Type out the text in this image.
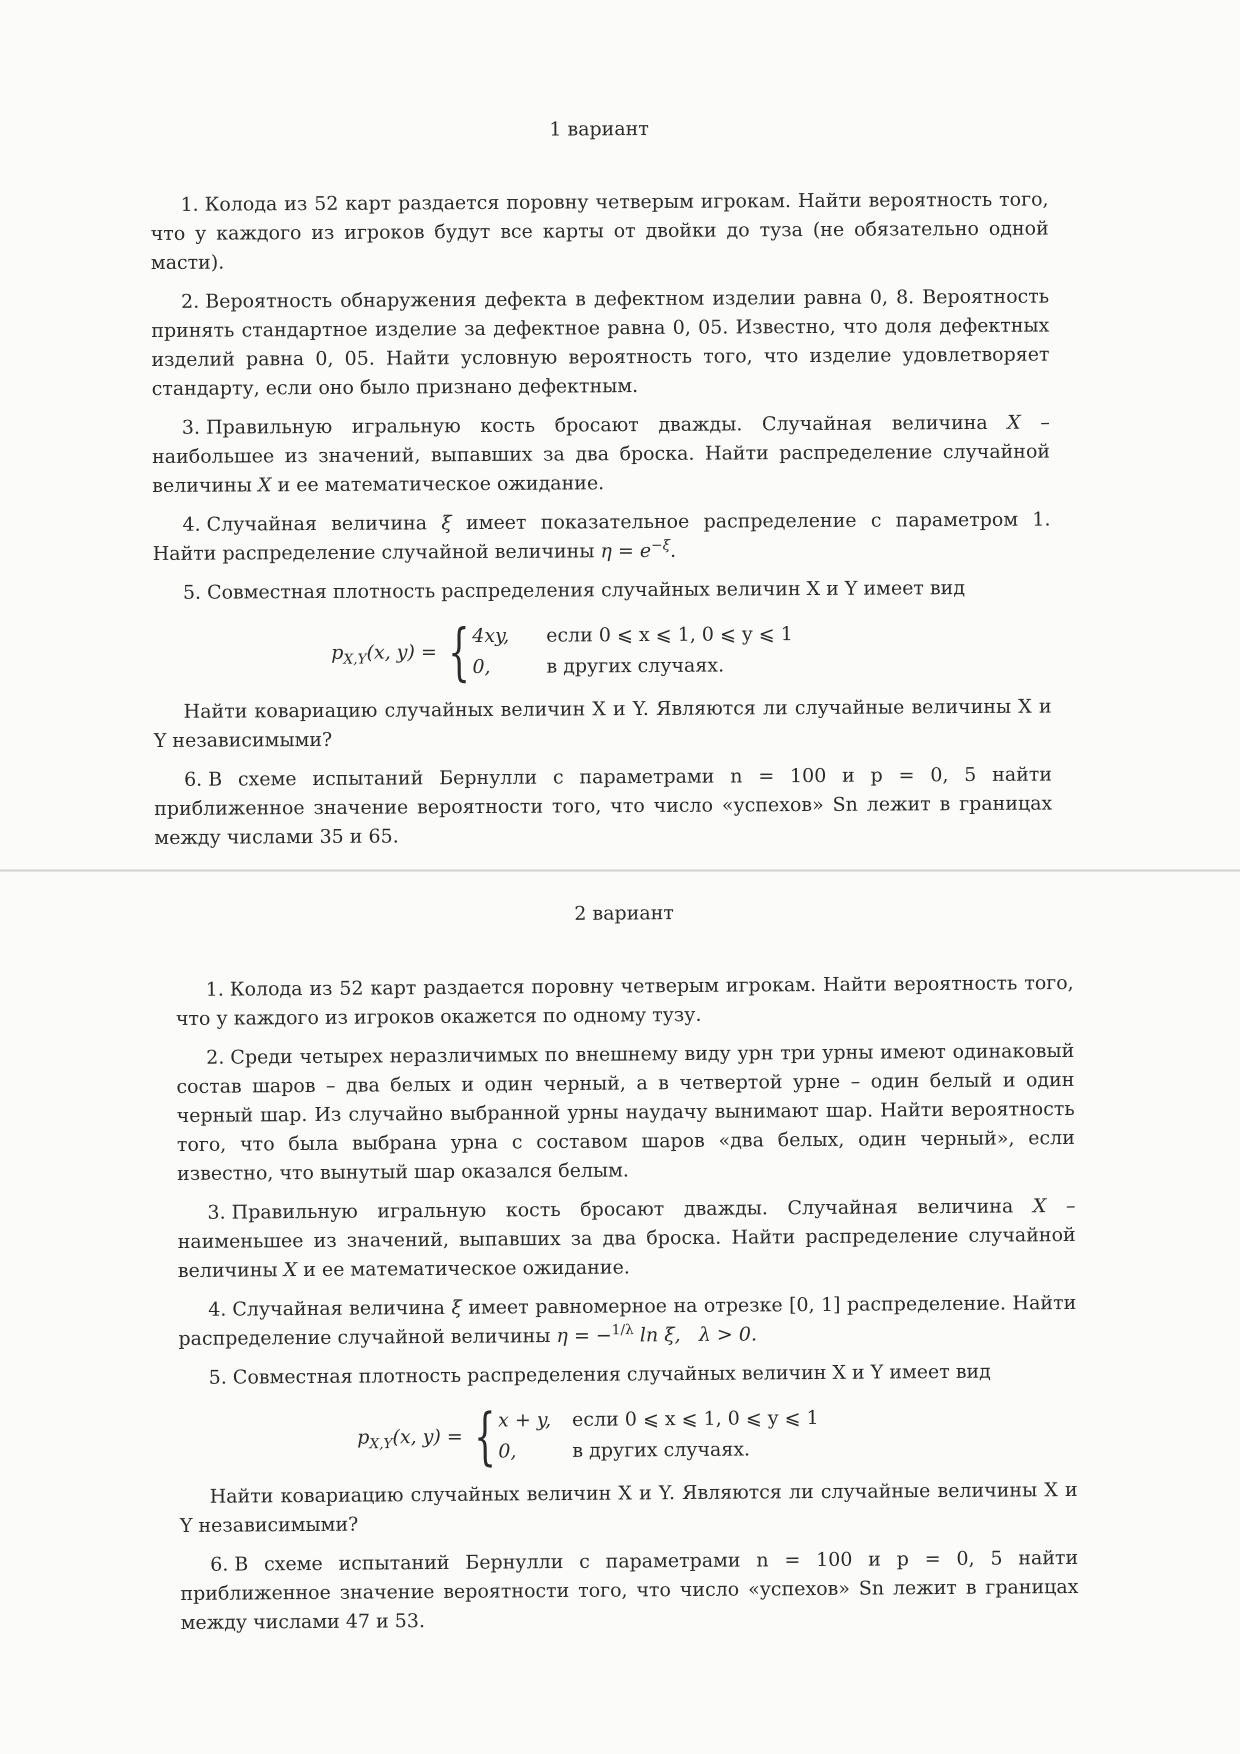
1 вариант

1. Колода из 52 карт раздается поровну четверым игрокам. Найти вероятность того, что у каждого из игроков будут все карты от двойки до туза (не обязательно одной масти).

2. Вероятность обнаружения дефекта в дефектном изделии равна 0, 8. Вероятность принять стандартное изделие за дефектное равна 0, 05. Известно, что доля дефектных изделий равна 0, 05. Найти условную вероятность того, что изделие удовлетворяет стандарту, если оно было признано дефектным.

3. Правильную игральную кость бросают дважды. Случайная величина X – наибольшее из значений, выпавших за два броска. Найти распределение случайной величины X и ее математическое ожидание.

4. Случайная величина ξ имеет показательное распределение с параметром 1. Найти распределение случайной величины $\eta = e^{-\xi}$.

5. Совместная плотность распределения случайных величин X и Y имеет вид

$p_{X,Y}(x$, y) = { 4xy,	если 0 ⩽ x ⩽ 1, 0 ⩽ y ⩽ 1
0,	в других случаях.

Найти ковариацию случайных величин X и Y. Являются ли случайные величины X и Y независимыми?

6. В схеме испытаний Бернулли с параметрами n = 100 и p = 0, 5 найти приближенное значение вероятности того, что число «успехов» Sn лежит в границах между числами 35 и 65.

2 вариант

1. Колода из 52 карт раздается поровну четверым игрокам. Найти вероятность того, что у каждого из игроков окажется по одному тузу.

2. Среди четырех неразличимых по внешнему виду урн три урны имеют одинаковый состав шаров – два белых и один черный, а в четвертой урне – один белый и один черный шар. Из случайно выбранной урны наудачу вынимают шар. Найти вероятность того, что была выбрана урна с составом шаров «два белых, один черный», если известно, что вынутый шар оказался белым.

3. Правильную игральную кость бросают дважды. Случайная величина X – наименьшее из значений, выпавших за два броска. Найти распределение случайной величины X и ее математическое ожидание.

4. Случайная величина ξ имеет равномерное на отрезке [0, 1] распределение. Найти распределение случайной величины η = −$^{1/\lambda}$ ln ξ, λ > 0.

5. Совместная плотность распределения случайных величин X и Y имеет вид

$p_{X,Y}(x$, y) = { x + y,	если 0 ⩽ x ⩽ 1, 0 ⩽ y ⩽ 1
0,	в других случаях.

Найти ковариацию случайных величин X и Y. Являются ли случайные величины X и Y независимыми?

6. В схеме испытаний Бернулли с параметрами n = 100 и p = 0, 5 найти приближенное значение вероятности того, что число «успехов» Sn лежит в границах между числами 47 и 53.
